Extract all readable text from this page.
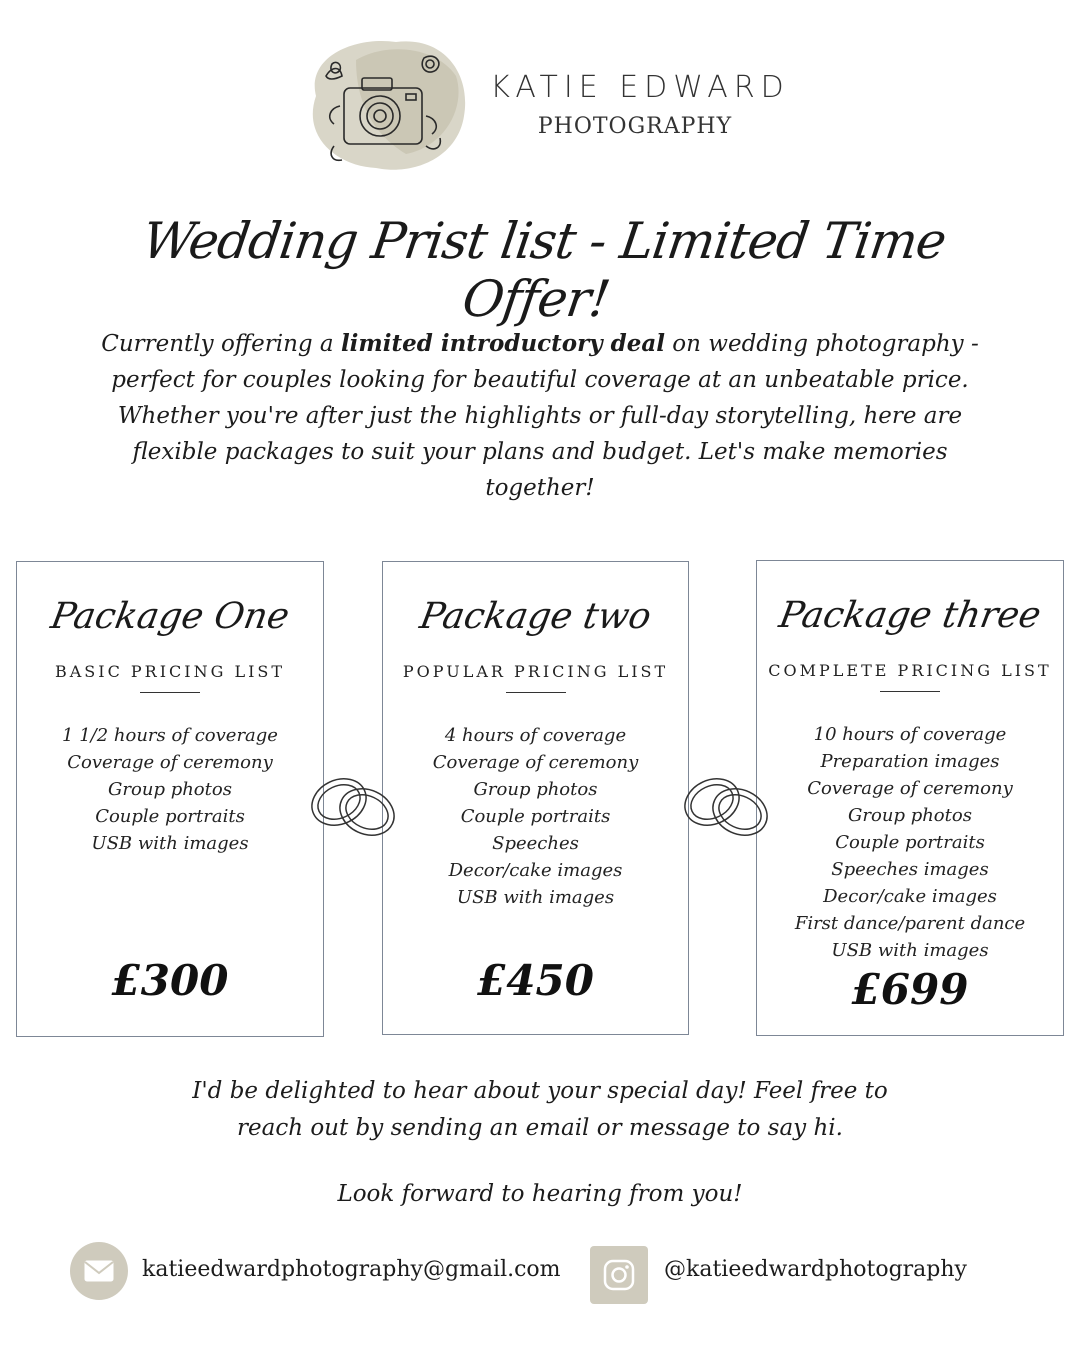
KATIE EDWARD
PHOTOGRAPHY
Wedding Prist list - Limited Time Offer!
Currently offering a limited introductory deal on wedding photography - perfect for couples looking for beautiful coverage at an unbeatable price. Whether you're after just the highlights or full-day storytelling, here are flexible packages to suit your plans and budget. Let's make memories together!
Package One
BASIC PRICING LIST
1 1/2 hours of coverage
Coverage of ceremony
Group photos
Couple portraits
USB with images
£300
Package two
POPULAR PRICING LIST
4 hours of coverage
Coverage of ceremony
Group photos
Couple portraits
Speeches
Decor/cake images
USB with images
£450
Package three
COMPLETE PRICING LIST
10 hours of coverage
Preparation images
Coverage of ceremony
Group photos
Couple portraits
Speeches images
Decor/cake images
First dance/parent dance
USB with images
£699
I'd be delighted to hear about your special day! Feel free to
reach out by sending an email or message to say hi.
Look forward to hearing from you!
katieedwardphotography@gmail.com	@katieedwardphotography
